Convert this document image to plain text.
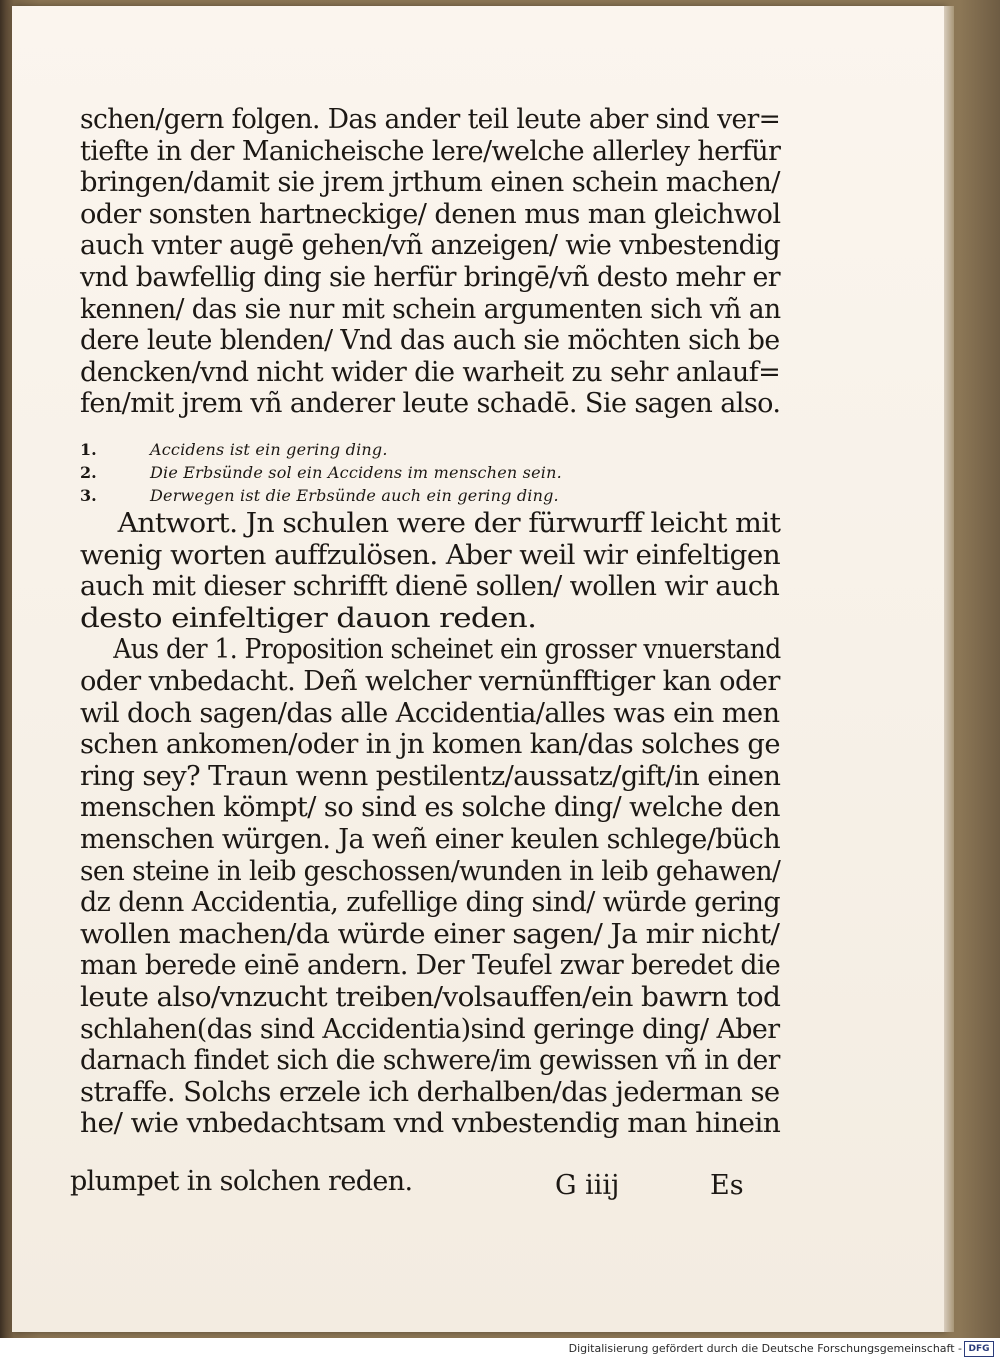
schen/gern folgen. Das ander teil leute aber sind ver=
tiefte in der Manicheische lere/welche allerley herfür
bringen/damit sie jrem jrthum einen schein machen/
oder sonsten hartneckige/ denen mus man gleichwol
auch vnter augē gehen/vñ anzeigen/ wie vnbestendig
vnd bawfellig ding sie herfür bringē/vñ desto mehr er
kennen/ das sie nur mit schein argumenten sich vñ an
dere leute blenden/ Vnd das auch sie möchten sich be
dencken/vnd nicht wider die warheit zu sehr anlauf=
fen/mit jrem vñ anderer leute schadē. Sie sagen also.
1.	Accidens ist ein gering ding.
2.	Die Erbsünde sol ein Accidens im menschen sein.
3.	Derwegen ist die Erbsünde auch ein gering ding.
Antwort. Jn schulen were der fürwurff leicht mit
wenig worten auffzulösen. Aber weil wir einfeltigen
auch mit dieser schrifft dienē sollen/ wollen wir auch
desto einfeltiger dauon reden.
Aus der 1. Proposition scheinet ein grosser vnuerstand
oder vnbedacht. Deñ welcher vernünfftiger kan oder
wil doch sagen/das alle Accidentia/alles was ein men
schen ankomen/oder in jn komen kan/das solches ge
ring sey? Traun wenn pestilentz/aussatz/gift/in einen
menschen kömpt/ so sind es solche ding/ welche den
menschen würgen. Ja weñ einer keulen schlege/büch
sen steine in leib geschossen/wunden in leib gehawen/
dz denn Accidentia, zufellige ding sind/ würde gering
wollen machen/da würde einer sagen/ Ja mir nicht/
man berede einē andern. Der Teufel zwar beredet die
leute also/vnzucht treiben/volsauffen/ein bawrn tod
schlahen(das sind Accidentia)sind geringe ding/ Aber
darnach findet sich die schwere/im gewissen vñ in der
straffe. Solchs erzele ich derhalben/das jederman se
he/ wie vnbedachtsam vnd vnbestendig man hinein
plumpet in solchen reden.	G iiij	Es
Digitalisierung gefördert durch die Deutsche Forschungsgemeinschaft - DFG
